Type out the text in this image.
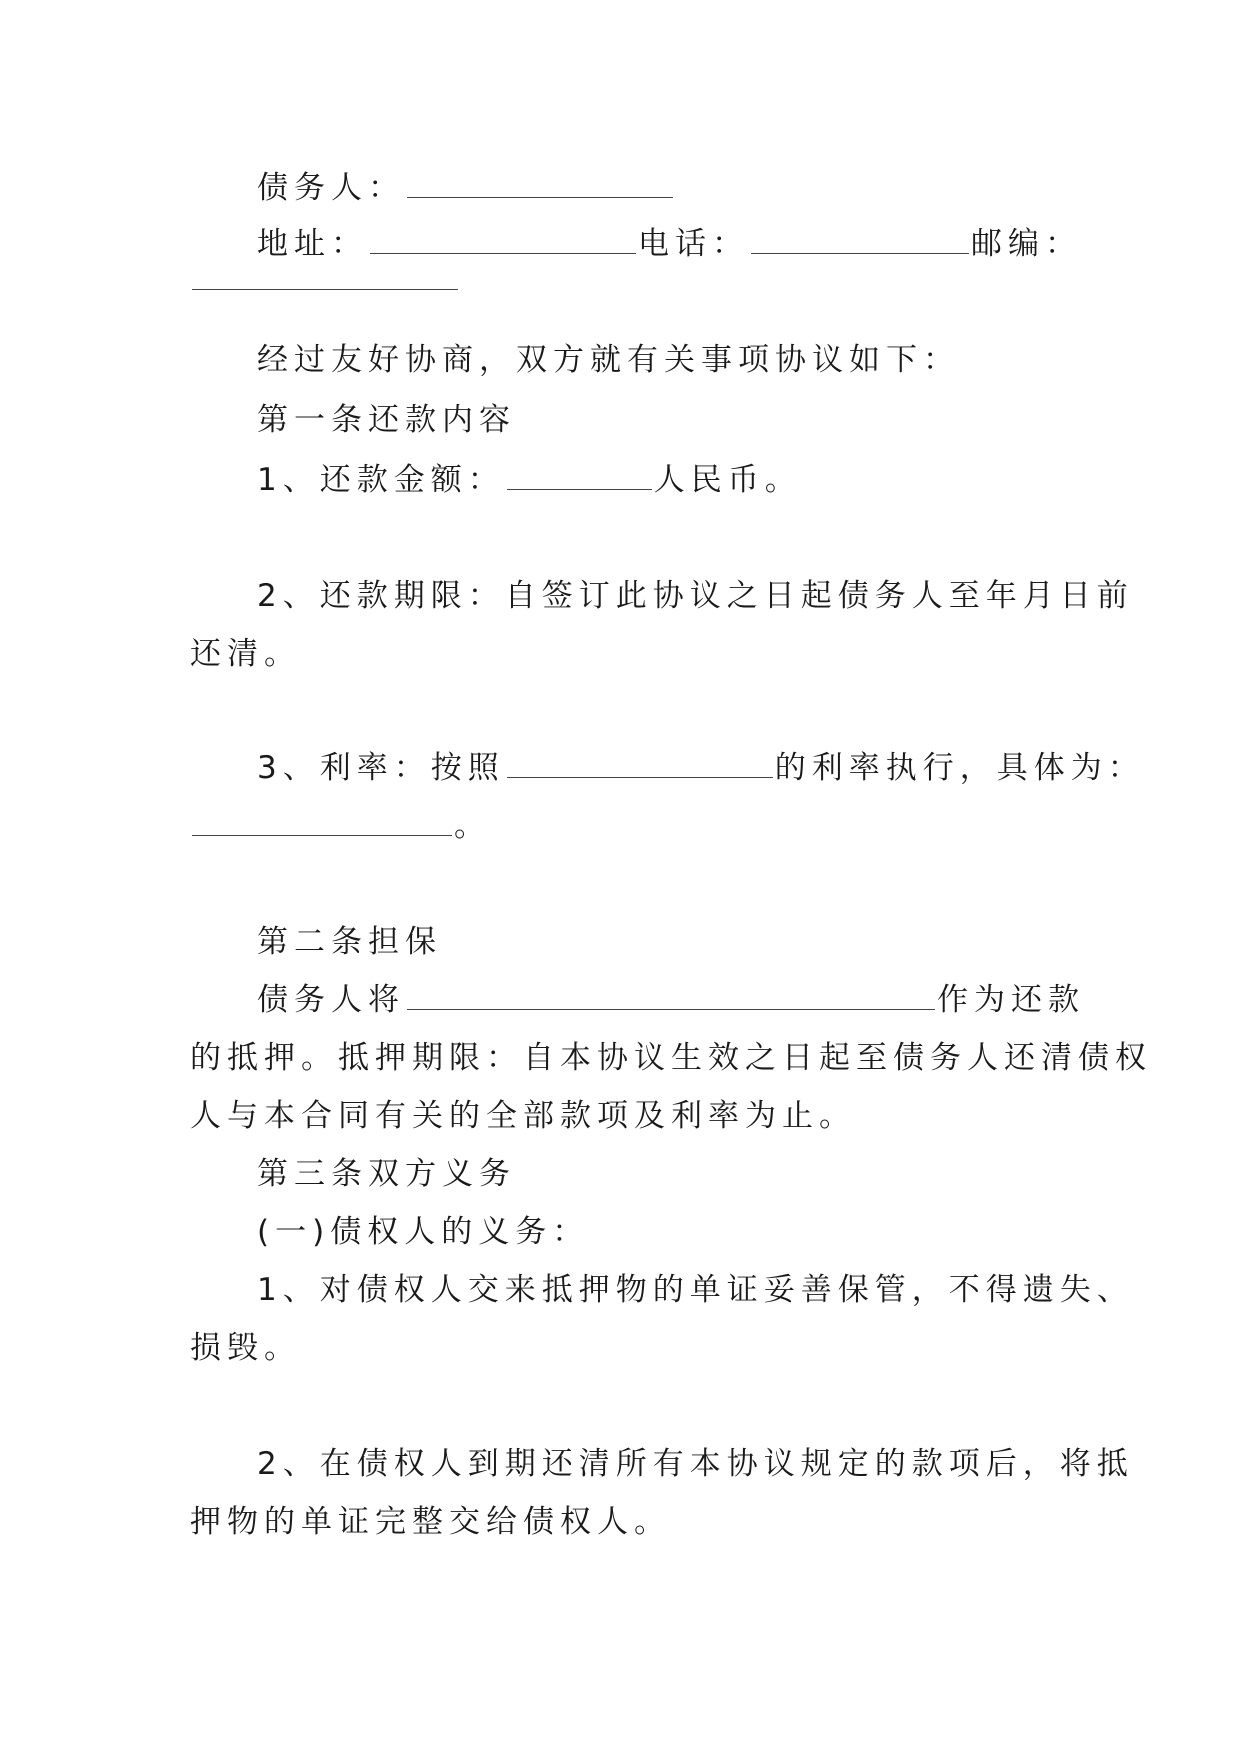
债务人：

地址：	电话：	邮编：

经过友好协商，双方就有关事项协议如下：

第一条还款内容

1、还款金额：	人民币。

2、还款期限：自签订此协议之日起债务人至年月日前

还清。

3、利率：按照	的利率执行，具体为：

。

第二条担保

债务人将	作为还款

的抵押。抵押期限：自本协议生效之日起至债务人还清债权

人与本合同有关的全部款项及利率为止。

第三条双方义务

(一)债权人的义务：

1、对债权人交来抵押物的单证妥善保管，不得遗失、

损毁。

2、在债权人到期还清所有本协议规定的款项后，将抵

押物的单证完整交给债权人。
